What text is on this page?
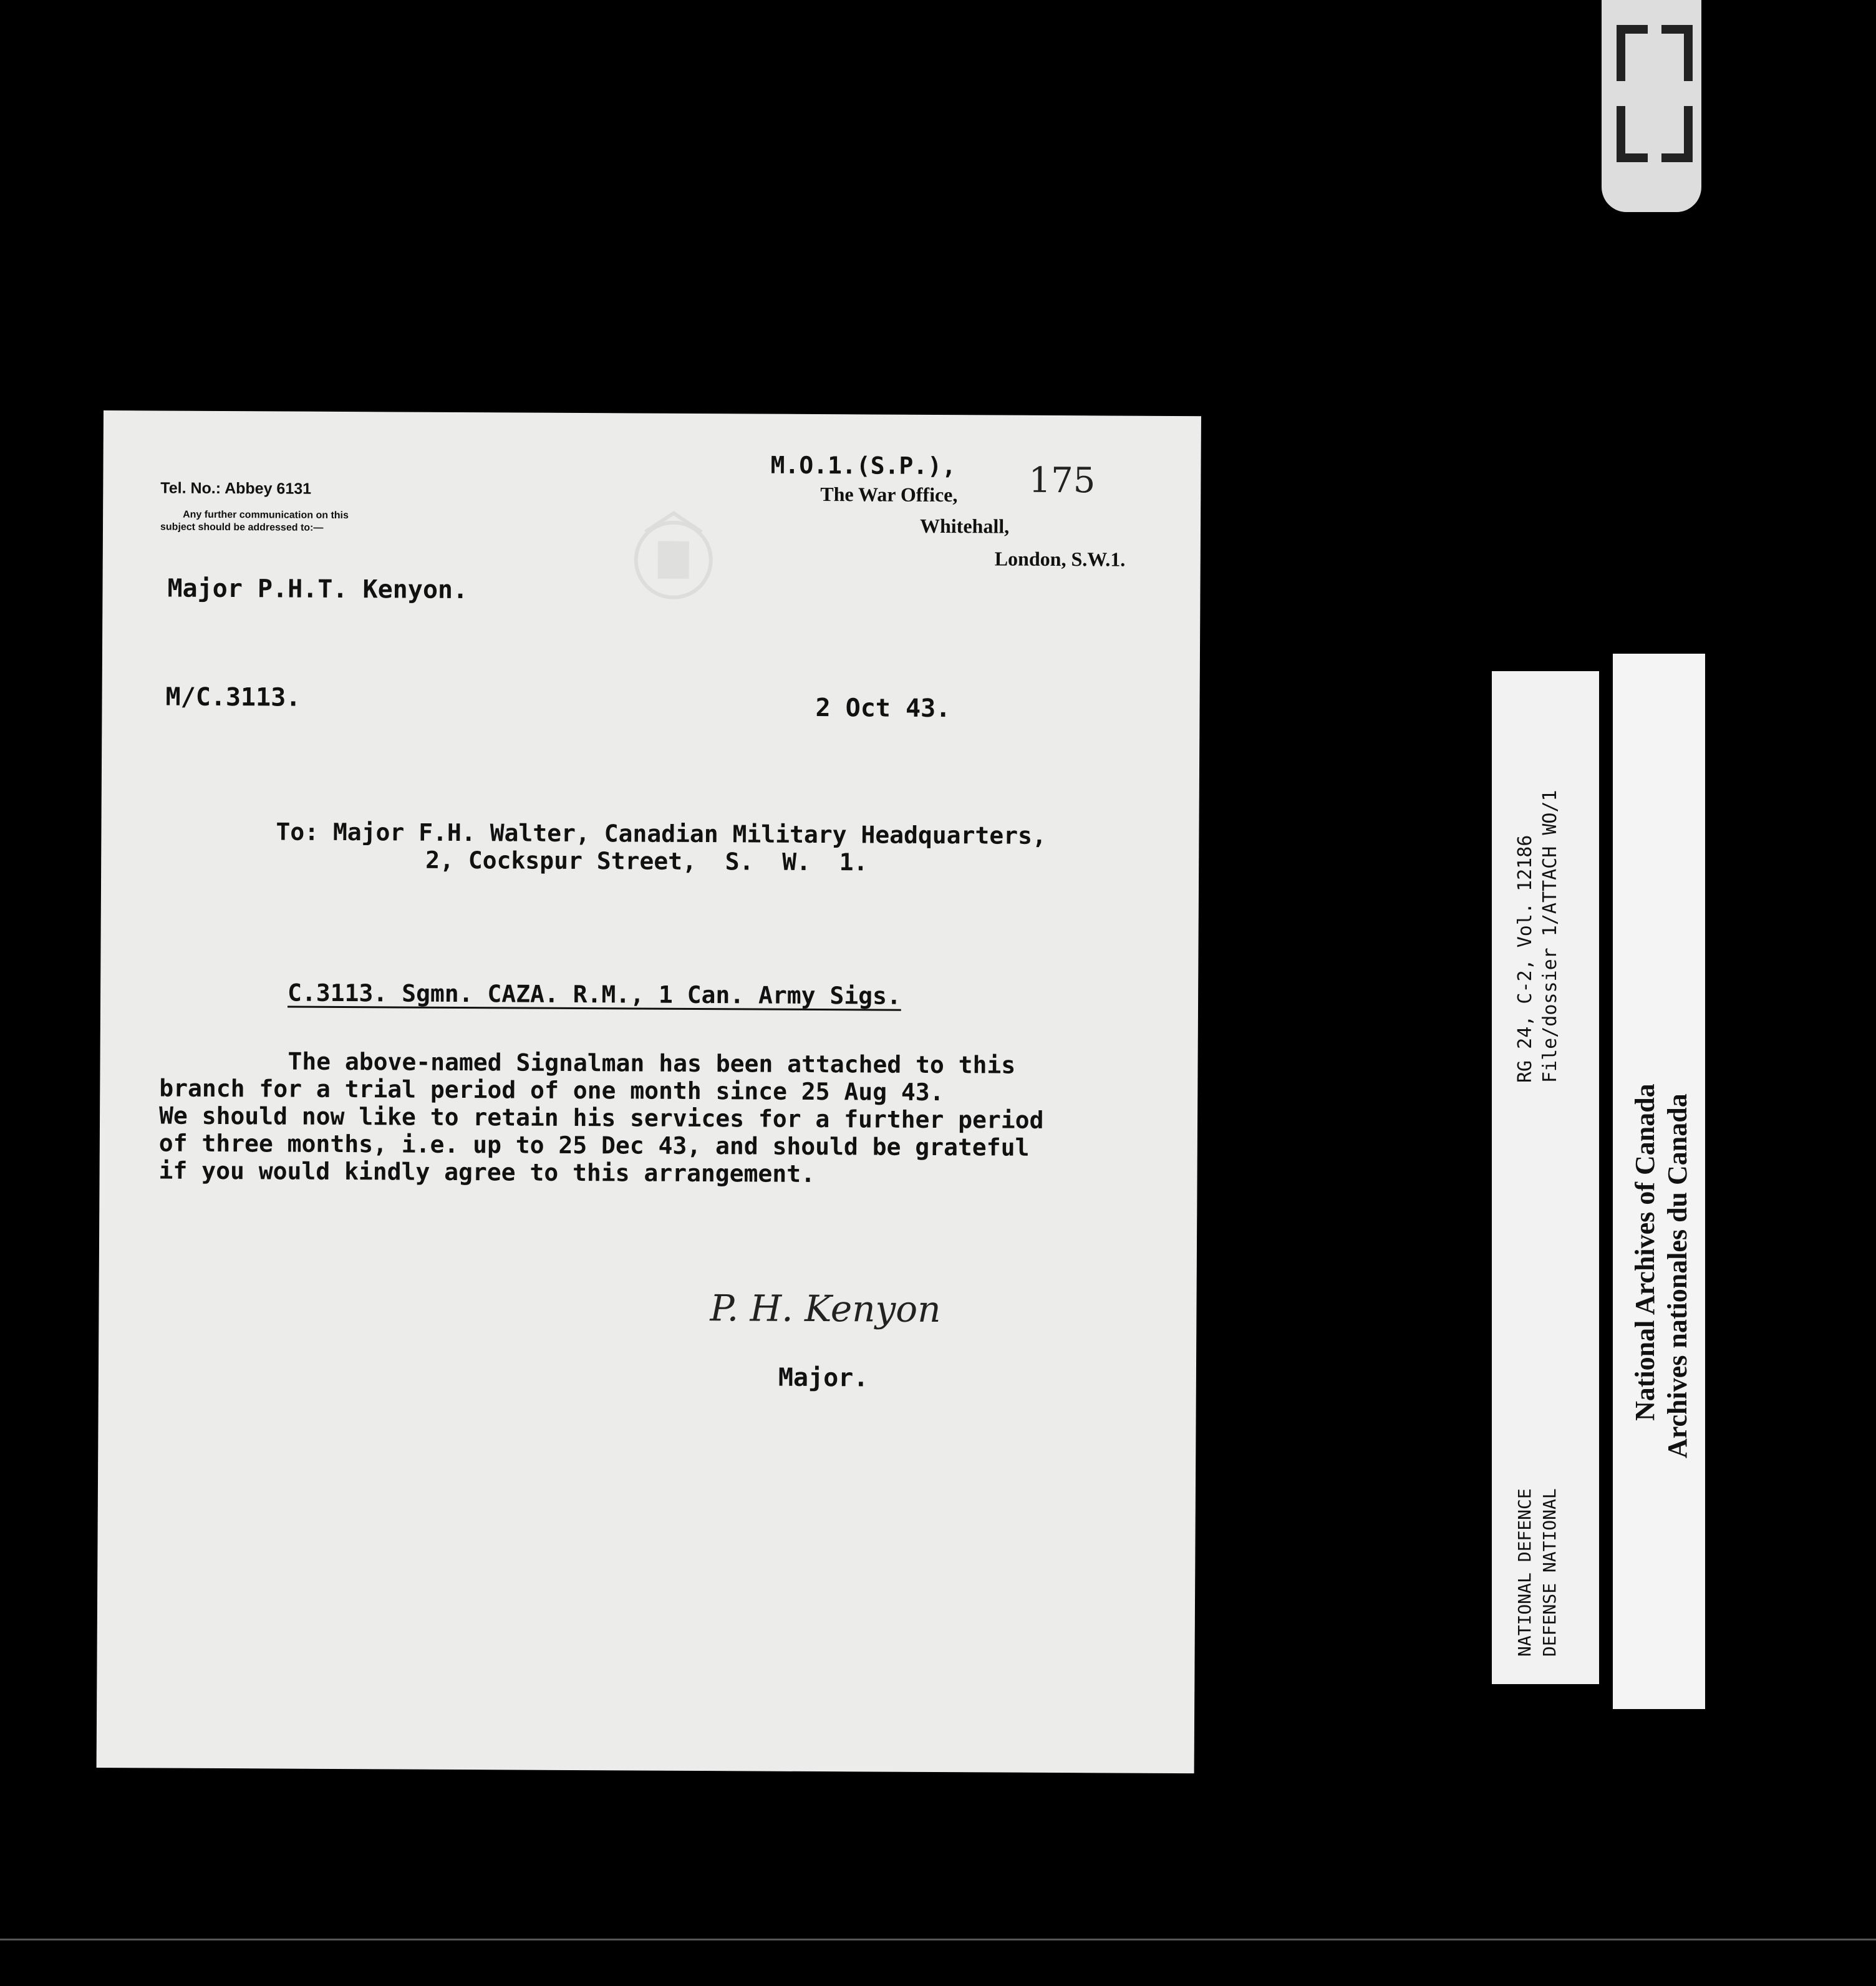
Tel. No.: Abbey 6131
Any further communication on this
subject should be addressed to:—
M.O.1.(S.P.),
The War Office,
Whitehall,
London, S.W.1.
175
Major P.H.T. Kenyon.
M/C.3113.	2 Oct 43.
To: Major F.H. Walter, Canadian Military Headquarters,
2, Cockspur Street,  S.  W.  1.
C.3113. Sgmn. CAZA. R.M., 1 Can. Army Sigs.

The above-named Signalman has been attached to this

branch for a trial period of one month since 25 Aug 43.

We should now like to retain his services for a further period

of three months, i.e. up to 25 Dec 43, and should be grateful

if you would kindly agree to this arrangement.

P. H. Kenyon
Major.
RG 24, C-2, Vol. 12186 File/dossier 1/ATTACH WO/1
NATIONAL DEFENCE DEFENSE NATIONAL
National Archives of Canada Archives nationales du Canada
